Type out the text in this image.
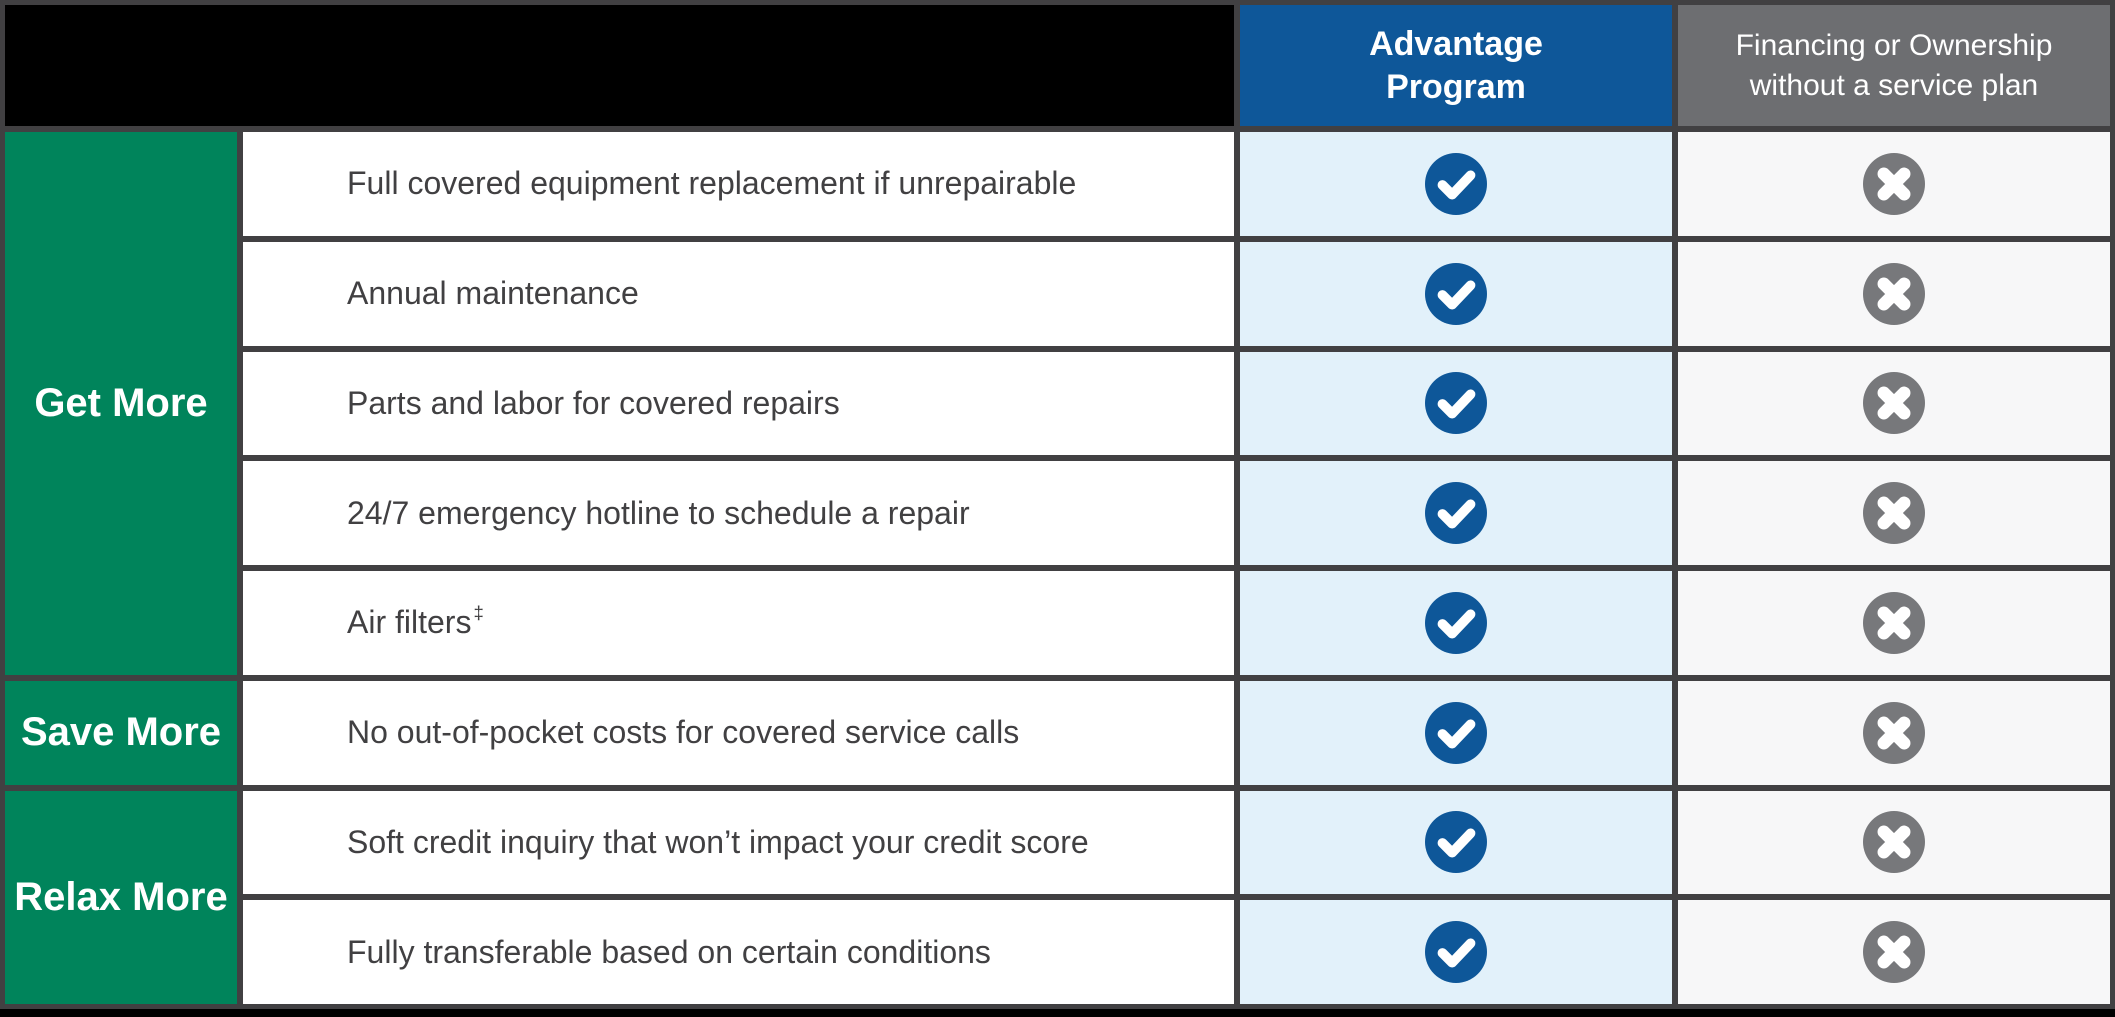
Advantage Program
Financing or Ownership without a service plan
Get More
Save More
Relax More
Full covered equipment replacement if unrepairable
Annual maintenance
Parts and labor for covered repairs
24/7 emergency hotline to schedule a repair
Air filters‡
No out-of-pocket costs for covered service calls
Soft credit inquiry that won’t impact your credit score
Fully transferable based on certain conditions
